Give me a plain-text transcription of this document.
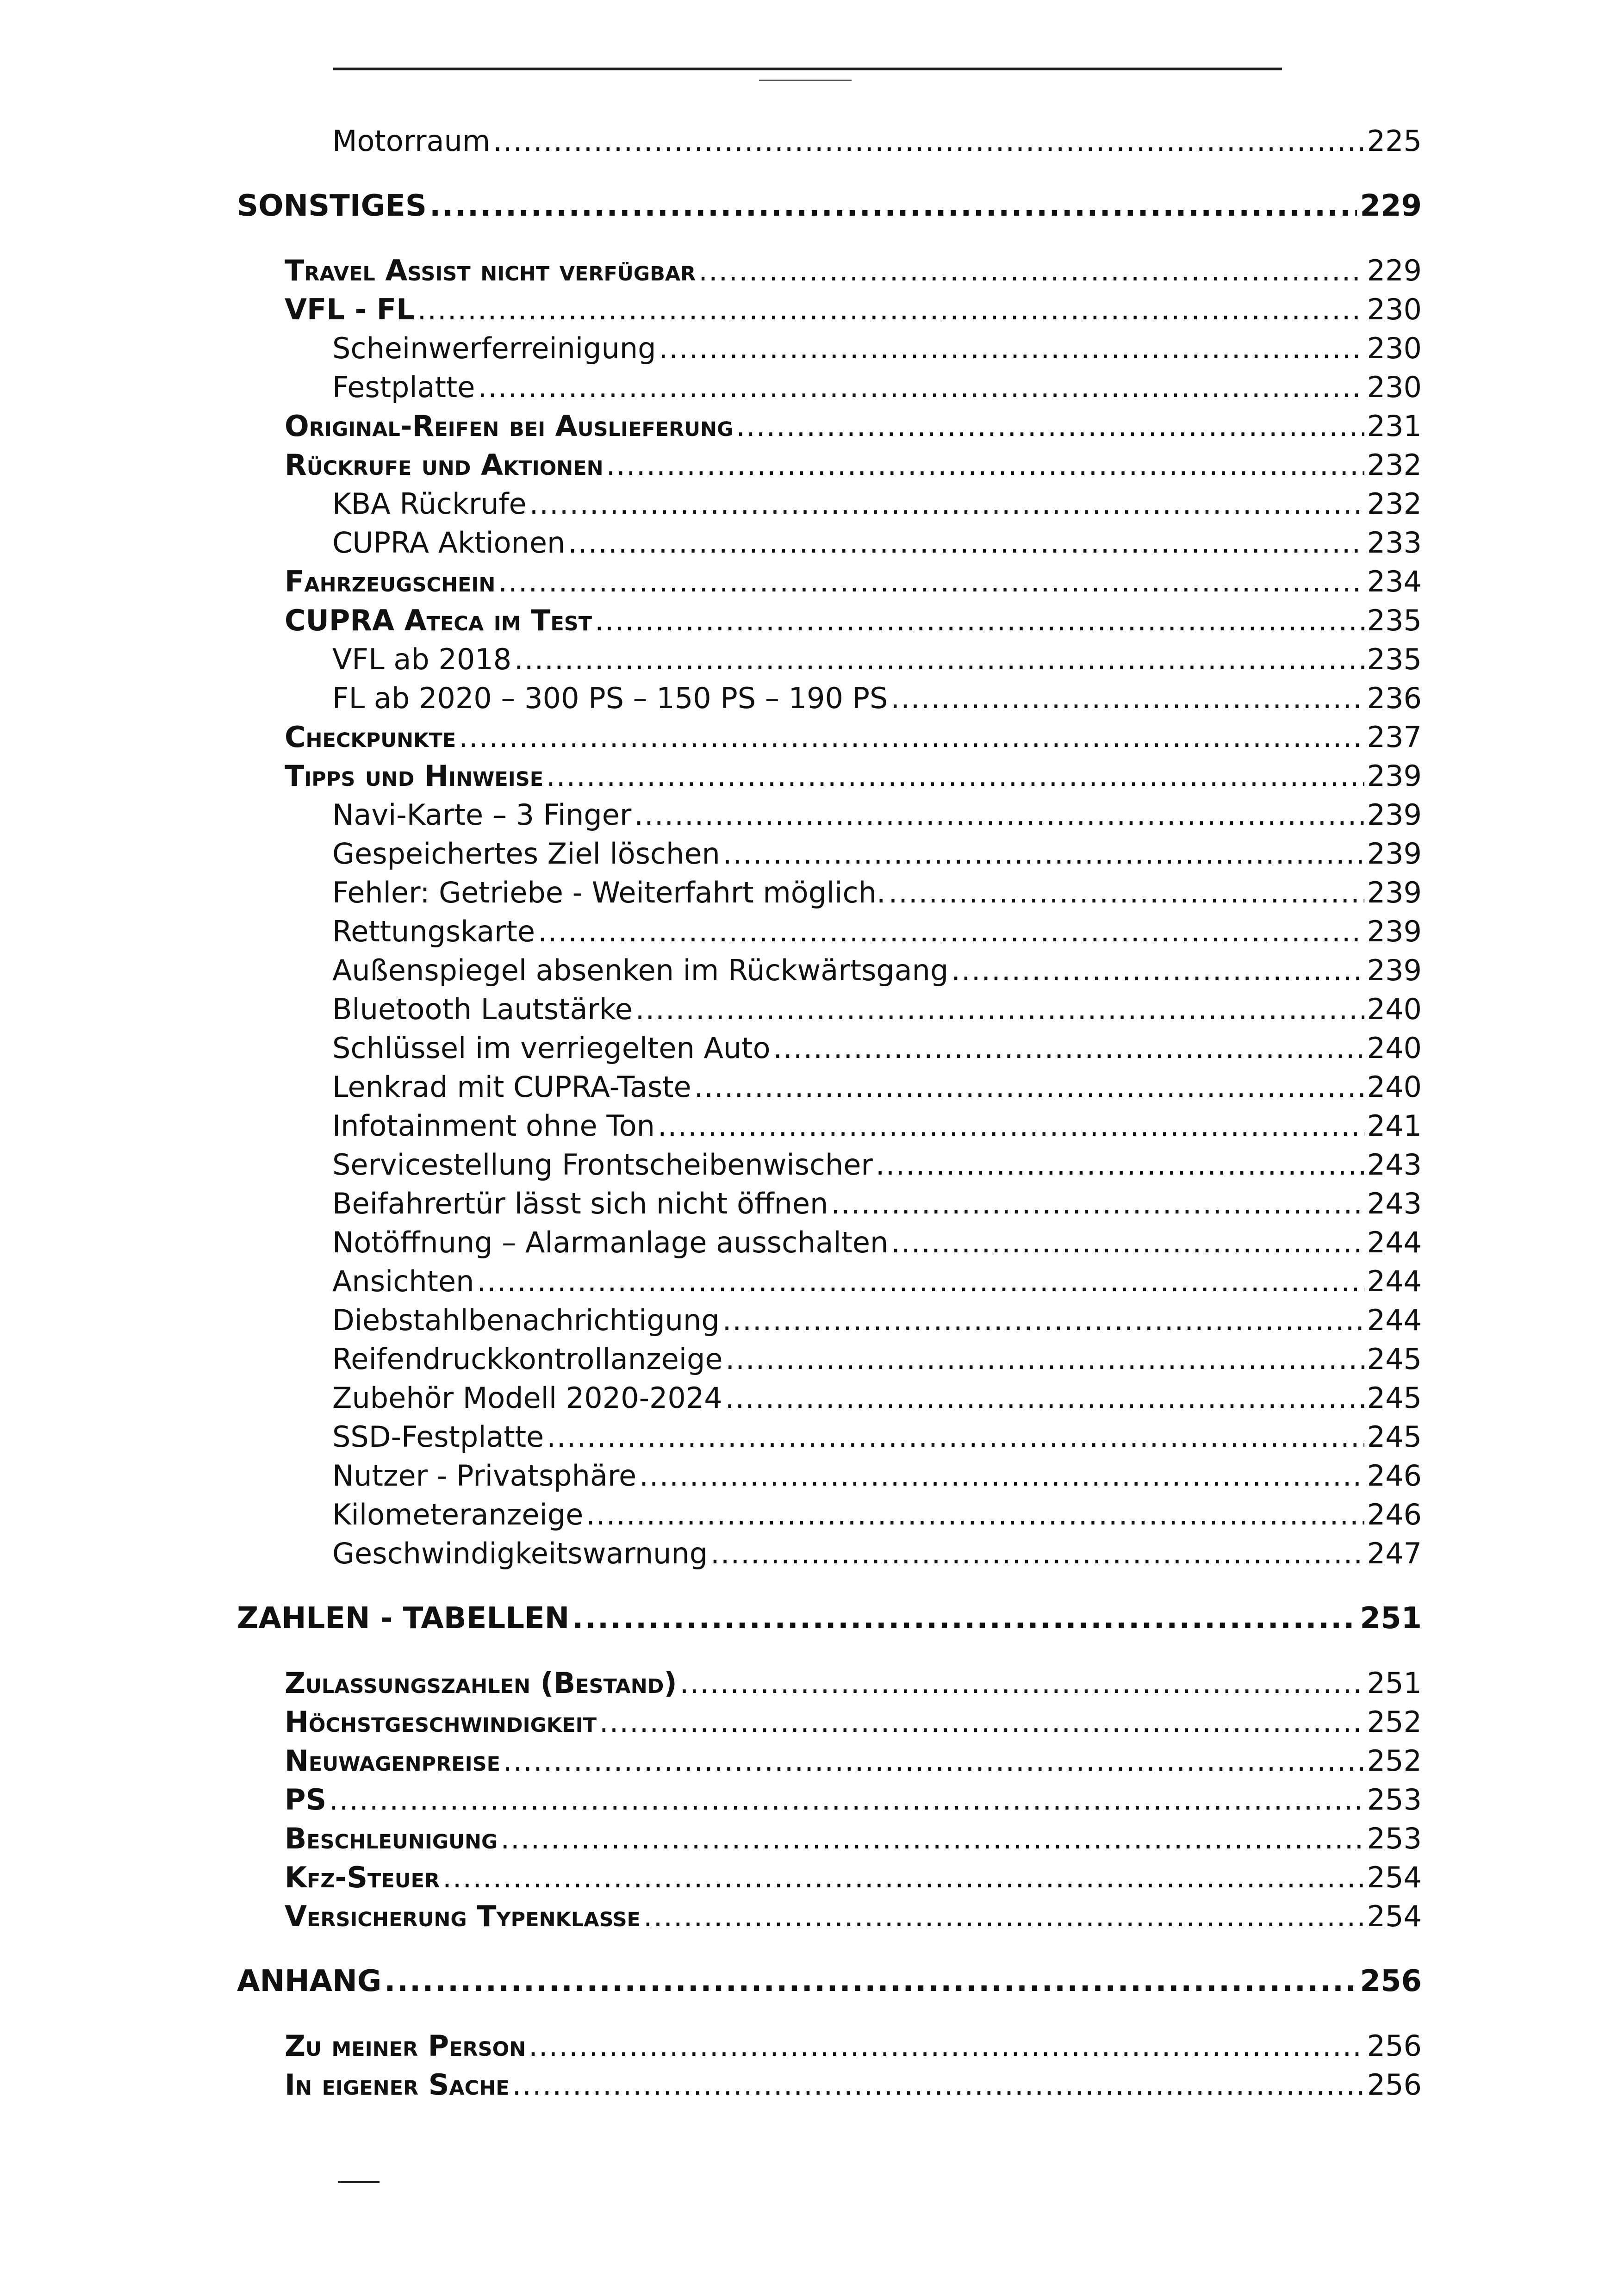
Motorraum .....	225
SONSTIGES .....	229
Travel Assist nicht verfügbar .....	229
VFL - FL .....	230
Scheinwerferreinigung .....	230
Festplatte .....	230
Original-Reifen bei Auslieferung .....	231
Rückrufe und Aktionen .....	232
KBA Rückrufe .....	232
CUPRA Aktionen .....	233
Fahrzeugschein .....	234
CUPRA Ateca im Test .....	235
VFL ab 2018 .....	235
FL ab 2020 – 300 PS – 150 PS – 190 PS .....	236
Checkpunkte .....	237
Tipps und Hinweise .....	239
Navi-Karte – 3 Finger .....	239
Gespeichertes Ziel löschen .....	239
Fehler: Getriebe - Weiterfahrt möglich. .....	239
Rettungskarte .....	239
Außenspiegel absenken im Rückwärtsgang .....	239
Bluetooth Lautstärke .....	240
Schlüssel im verriegelten Auto .....	240
Lenkrad mit CUPRA-Taste .....	240
Infotainment ohne Ton .....	241
Servicestellung Frontscheibenwischer .....	243
Beifahrertür lässt sich nicht öffnen .....	243
Notöffnung – Alarmanlage ausschalten .....	244
Ansichten .....	244
Diebstahlbenachrichtigung .....	244
Reifendruckkontrollanzeige .....	245
Zubehör Modell 2020-2024 .....	245
SSD-Festplatte .....	245
Nutzer - Privatsphäre .....	246
Kilometeranzeige .....	246
Geschwindigkeitswarnung .....	247
ZAHLEN - TABELLEN .....	251
Zulassungszahlen (Bestand) .....	251
Höchstgeschwindigkeit .....	252
Neuwagenpreise .....	252
PS .....	253
Beschleunigung .....	253
Kfz-Steuer .....	254
Versicherung Typenklasse .....	254
ANHANG .....	256
Zu meiner Person .....	256
In eigener Sache .....	256
